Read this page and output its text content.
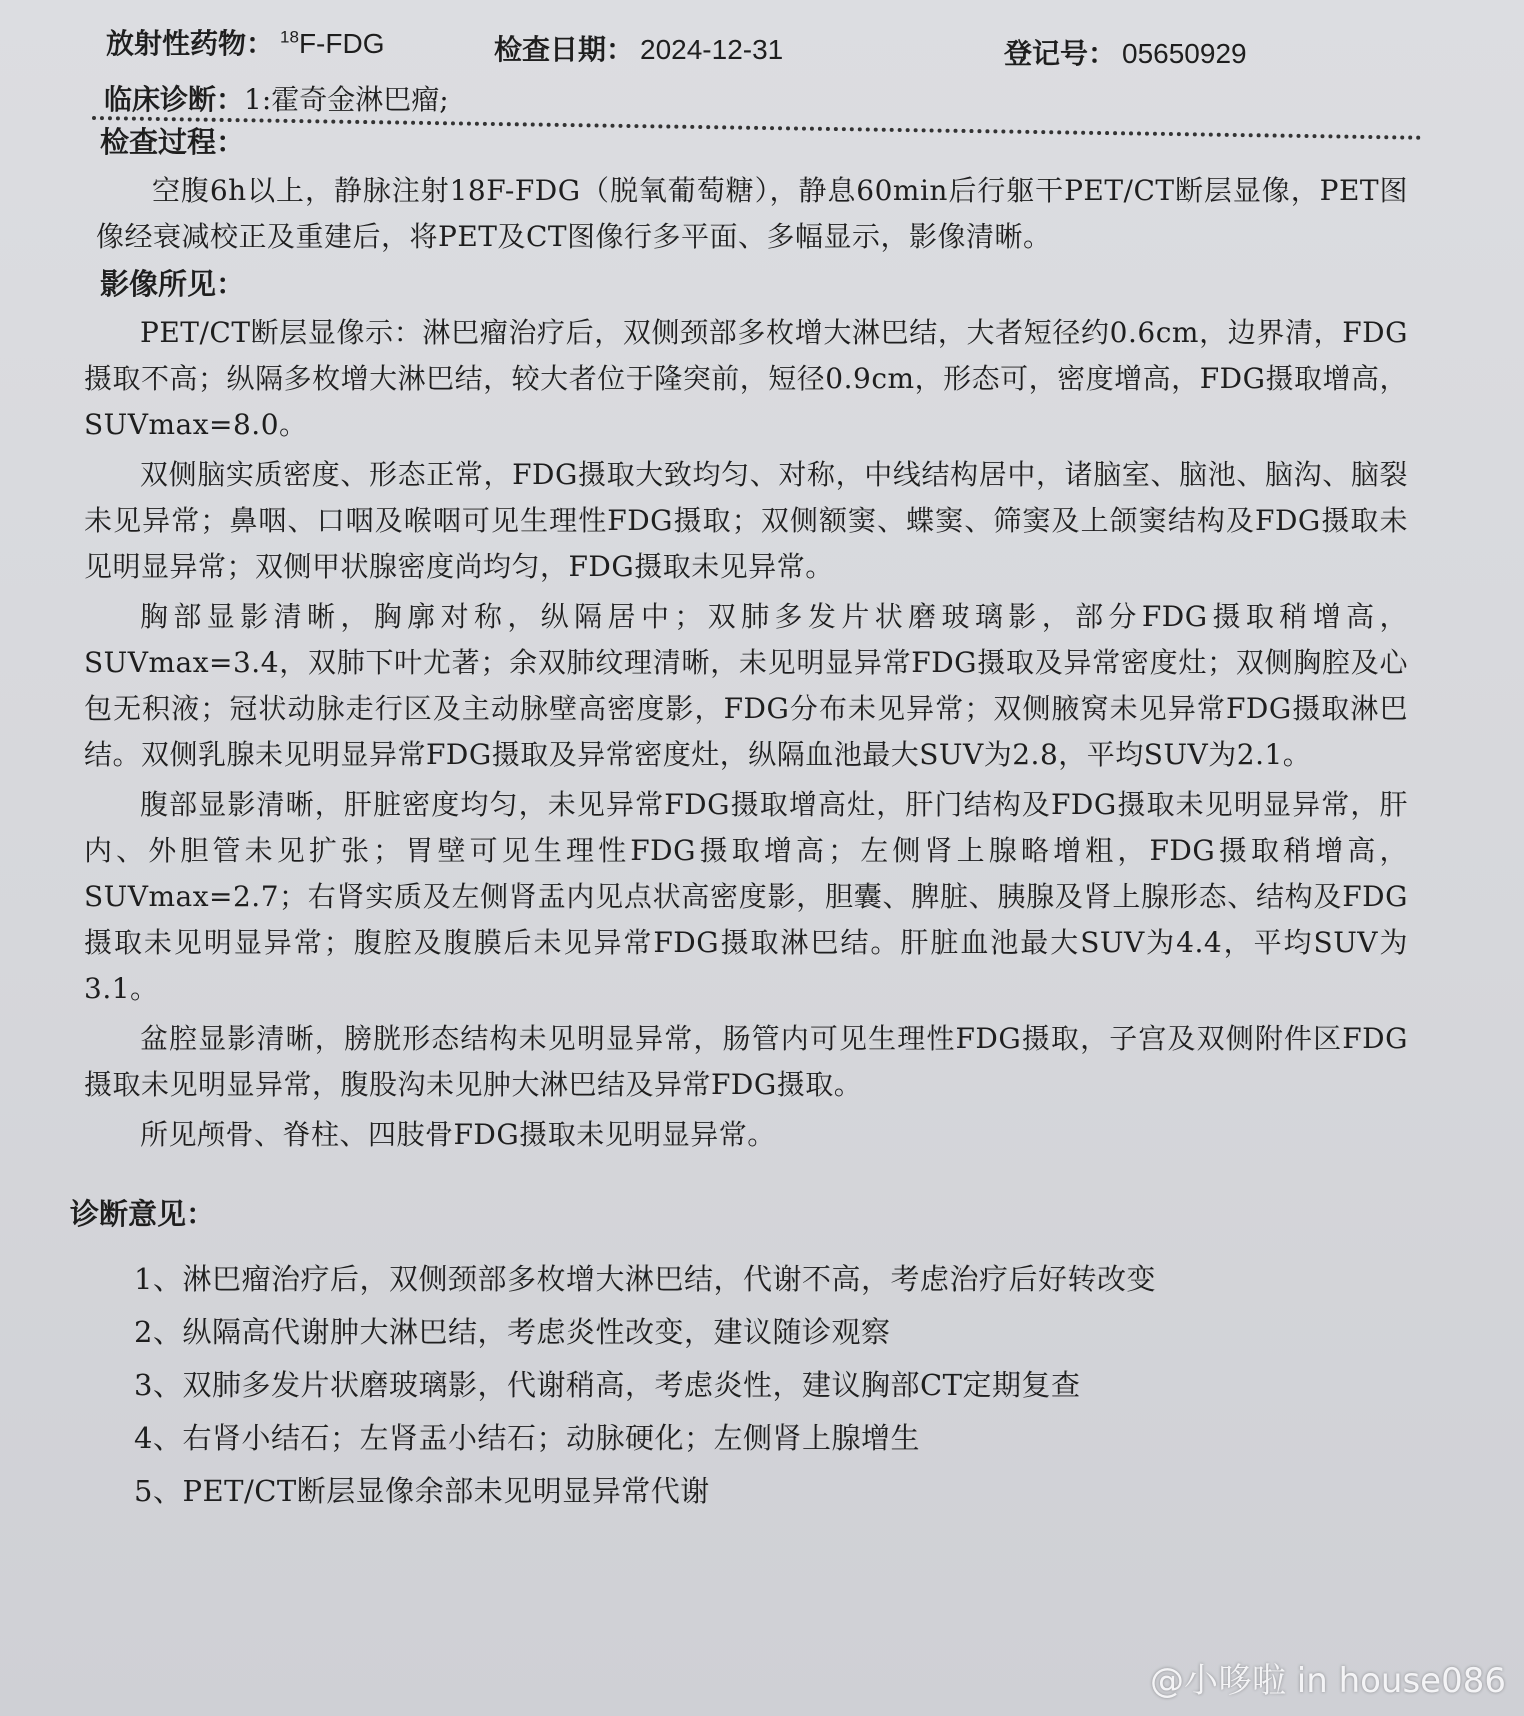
放射性药物： $^{18}$F-FDG	检查日期： 2024-12-31	登记号： 05650929
临床诊断：1:霍奇金淋巴瘤;
检查过程：

空腹6h以上，静脉注射18F-FDG（脱氧葡萄糖），静息60min后行躯干PET/CT断层显像，PET图像经衰减校正及重建后，将PET及CT图像行多平面、多幅显示，影像清晰。

影像所见：

PET/CT断层显像示：淋巴瘤治疗后，双侧颈部多枚增大淋巴结，大者短径约0.6cm，边界清，FDG摄取不高；纵隔多枚增大淋巴结，较大者位于隆突前，短径0.9cm，形态可，密度增高，FDG摄取增高，SUVmax=8.0。

双侧脑实质密度、形态正常，FDG摄取大致均匀、对称，中线结构居中，诸脑室、脑池、脑沟、脑裂未见异常；鼻咽、口咽及喉咽可见生理性FDG摄取；双侧额窦、蝶窦、筛窦及上颌窦结构及FDG摄取未见明显异常；双侧甲状腺密度尚均匀，FDG摄取未见异常。

胸部显影清晰，胸廓对称，纵隔居中；双肺多发片状磨玻璃影，部分FDG摄取稍增高，SUVmax=3.4，双肺下叶尤著；余双肺纹理清晰，未见明显异常FDG摄取及异常密度灶；双侧胸腔及心包无积液；冠状动脉走行区及主动脉壁高密度影，FDG分布未见异常；双侧腋窝未见异常FDG摄取淋巴结。双侧乳腺未见明显异常FDG摄取及异常密度灶，纵隔血池最大SUV为2.8，平均SUV为2.1。

腹部显影清晰，肝脏密度均匀，未见异常FDG摄取增高灶，肝门结构及FDG摄取未见明显异常，肝内、外胆管未见扩张；胃壁可见生理性FDG摄取增高；左侧肾上腺略增粗，FDG摄取稍增高，SUVmax=2.7；右肾实质及左侧肾盂内见点状高密度影，胆囊、脾脏、胰腺及肾上腺形态、结构及FDG摄取未见明显异常；腹腔及腹膜后未见异常FDG摄取淋巴结。肝脏血池最大SUV为4.4，平均SUV为3.1。

盆腔显影清晰，膀胱形态结构未见明显异常，肠管内可见生理性FDG摄取，子宫及双侧附件区FDG摄取未见明显异常，腹股沟未见肿大淋巴结及异常FDG摄取。

所见颅骨、脊柱、四肢骨FDG摄取未见明显异常。

诊断意见：
1、淋巴瘤治疗后，双侧颈部多枚增大淋巴结，代谢不高，考虑治疗后好转改变
2、纵隔高代谢肿大淋巴结，考虑炎性改变，建议随诊观察
3、双肺多发片状磨玻璃影，代谢稍高，考虑炎性，建议胸部CT定期复查
4、右肾小结石；左肾盂小结石；动脉硬化；左侧肾上腺增生
5、PET/CT断层显像余部未见明显异常代谢
@小哆啦 in house086
